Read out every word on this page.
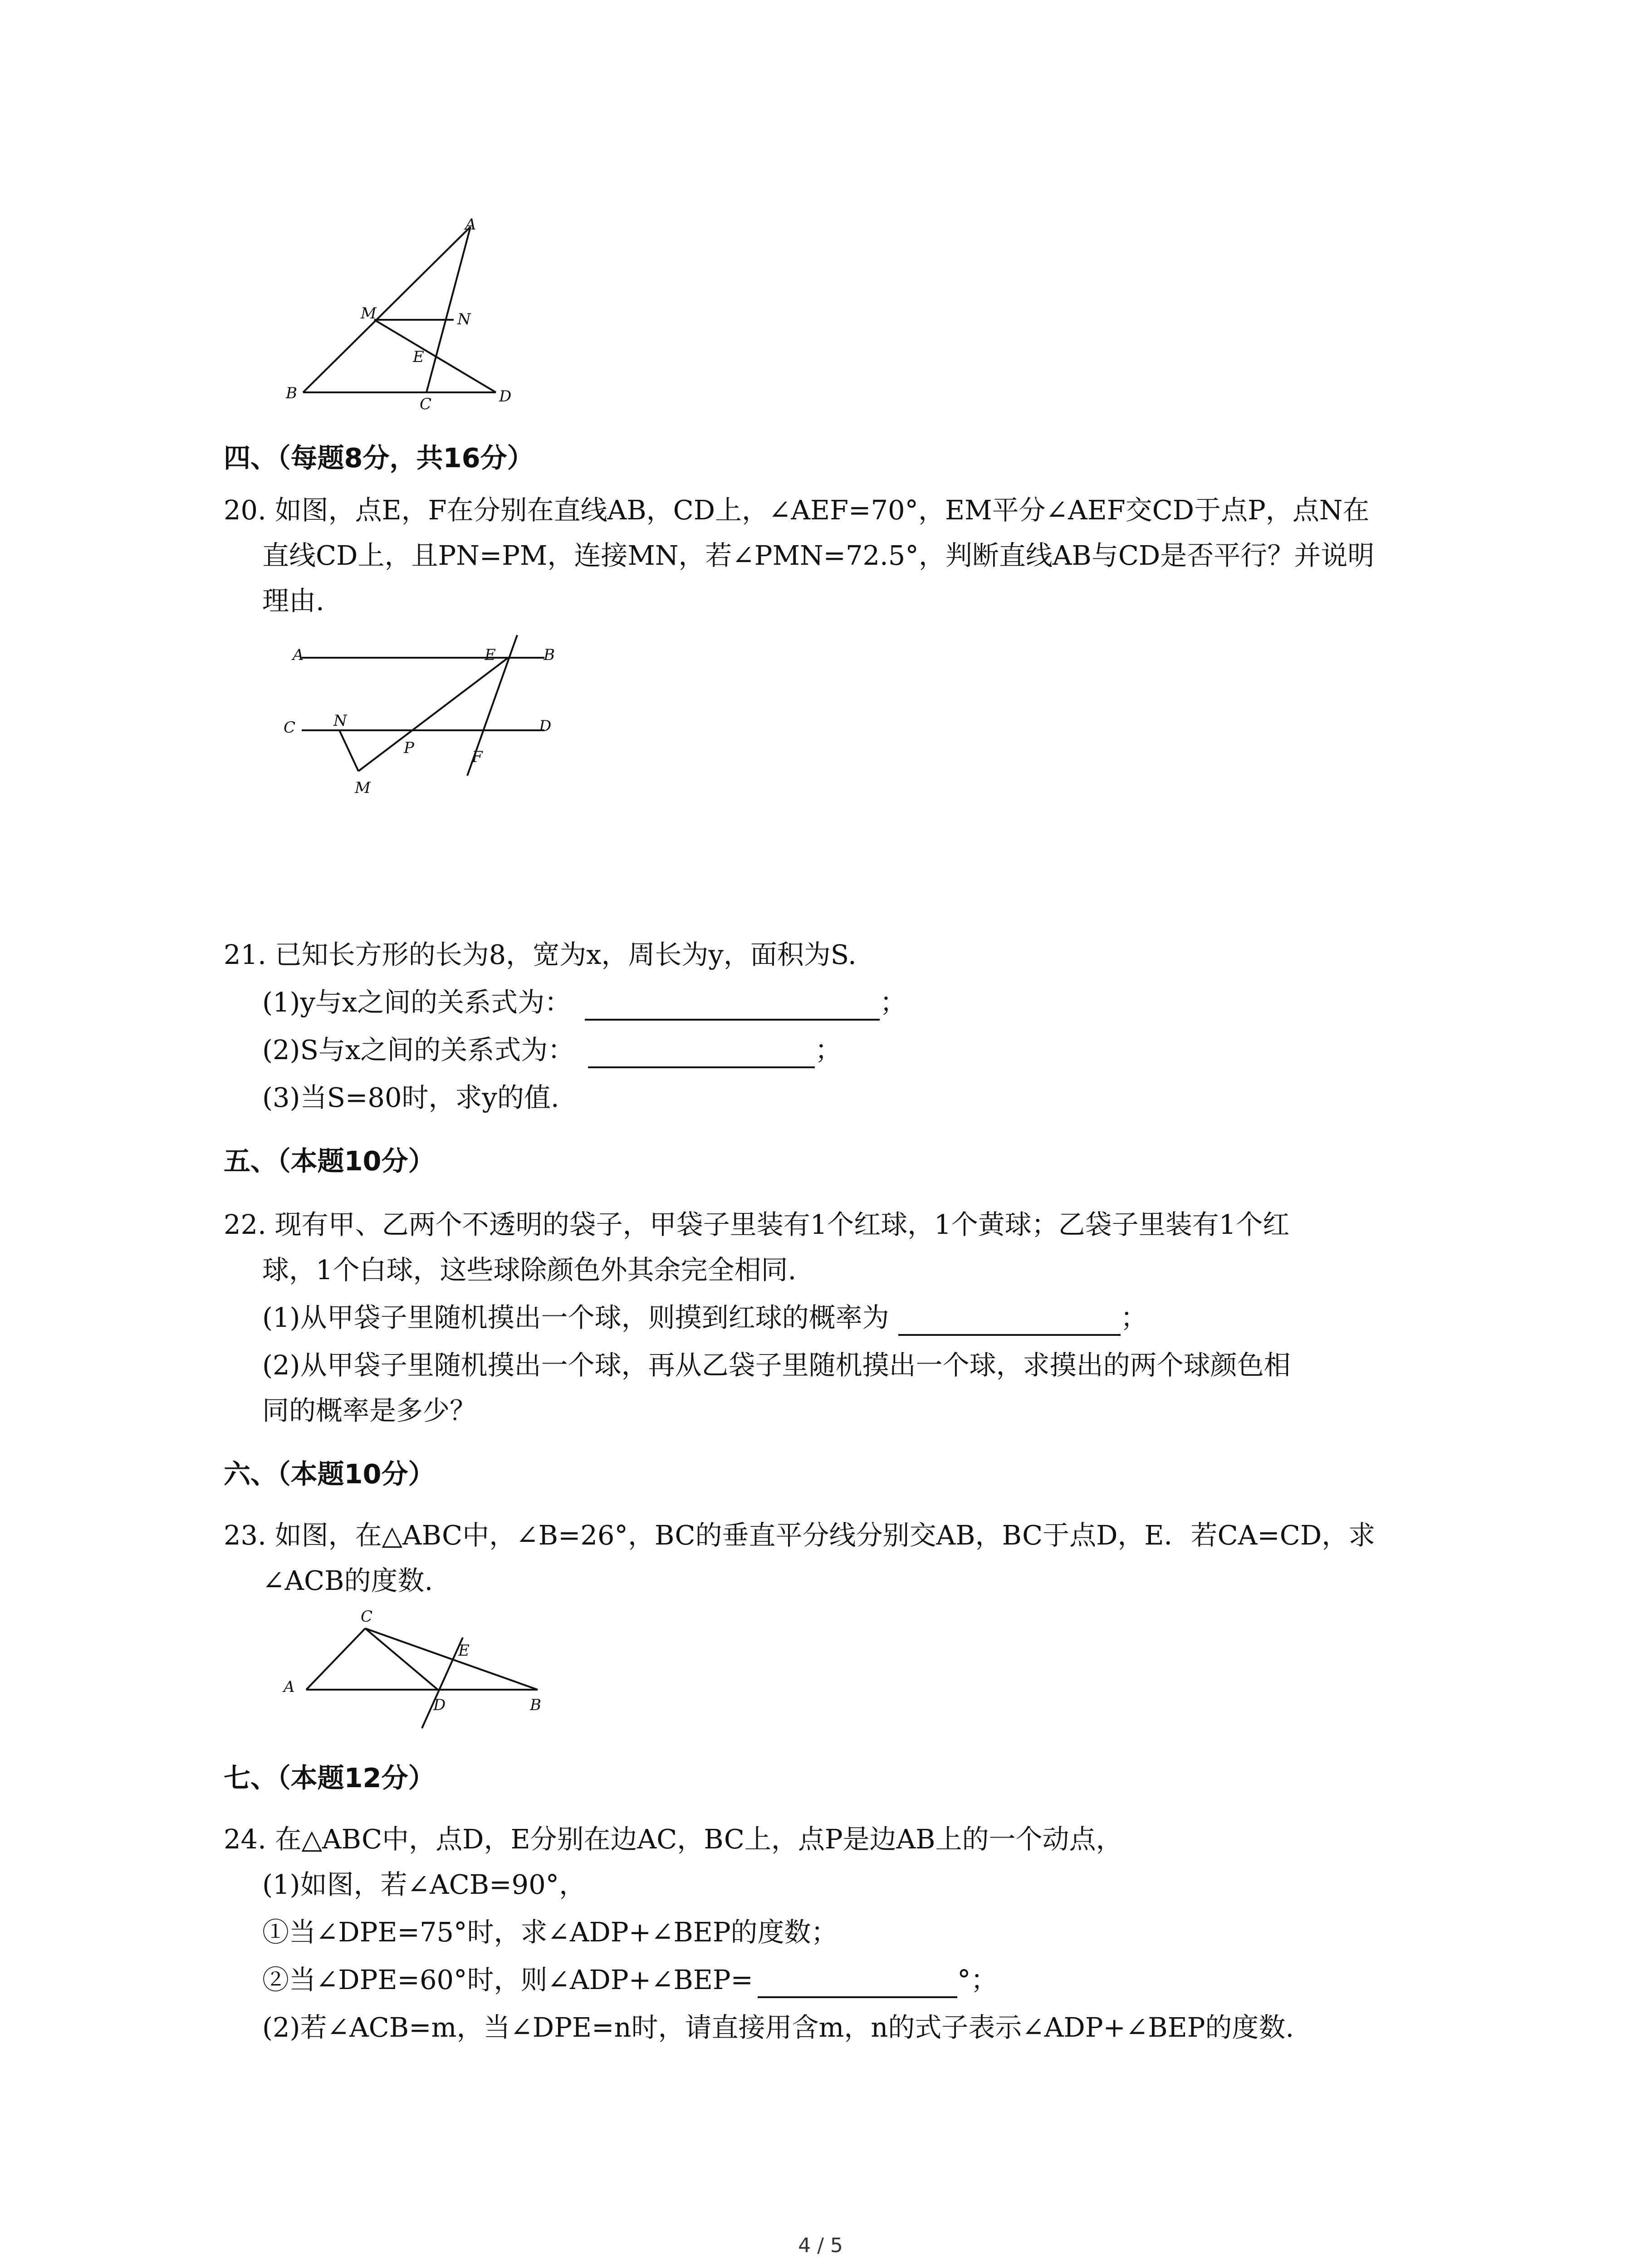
A
M	N
E
B
C	D
四、（每题8分，共16分）
20. 如图，点E，F在分别在直线AB，CD上，∠AEF=70°，EM平分∠AEF交CD于点P，点N在
直线CD上，且PN=PM，连接MN，若∠PMN=72.5°，判断直线AB与CD是否平行？并说明
理由.
A	E	B
C N
P
D
F
M
21. 已知长方形的长为8，宽为x，周长为y，面积为S.
(1)y与x之间的关系式为：	；
(2)S与x之间的关系式为：	；
(3)当S=80时，求y的值.
五、（本题10分）
22. 现有甲、乙两个不透明的袋子，甲袋子里装有1个红球，1个黄球；乙袋子里装有1个红
球，1个白球，这些球除颜色外其余完全相同.
(1)从甲袋子里随机摸出一个球，则摸到红球的概率为	；
(2)从甲袋子里随机摸出一个球，再从乙袋子里随机摸出一个球，求摸出的两个球颜色相
同的概率是多少？
六、（本题10分）
23. 如图，在△ABC中，∠B=26°，BC的垂直平分线分别交AB，BC于点D，E．若CA=CD，求
∠ACB的度数.
C
E
A
D	B
七、（本题12分）
24. 在△ABC中，点D，E分别在边AC，BC上，点P是边AB上的一个动点，
(1)如图，若∠ACB=90°，
①当∠DPE=75°时，求∠ADP+∠BEP的度数；
②当∠DPE=60°时，则∠ADP+∠BEP=	°；
(2)若∠ACB=m，当∠DPE=n时，请直接用含m，n的式子表示∠ADP+∠BEP的度数.
4 / 5
